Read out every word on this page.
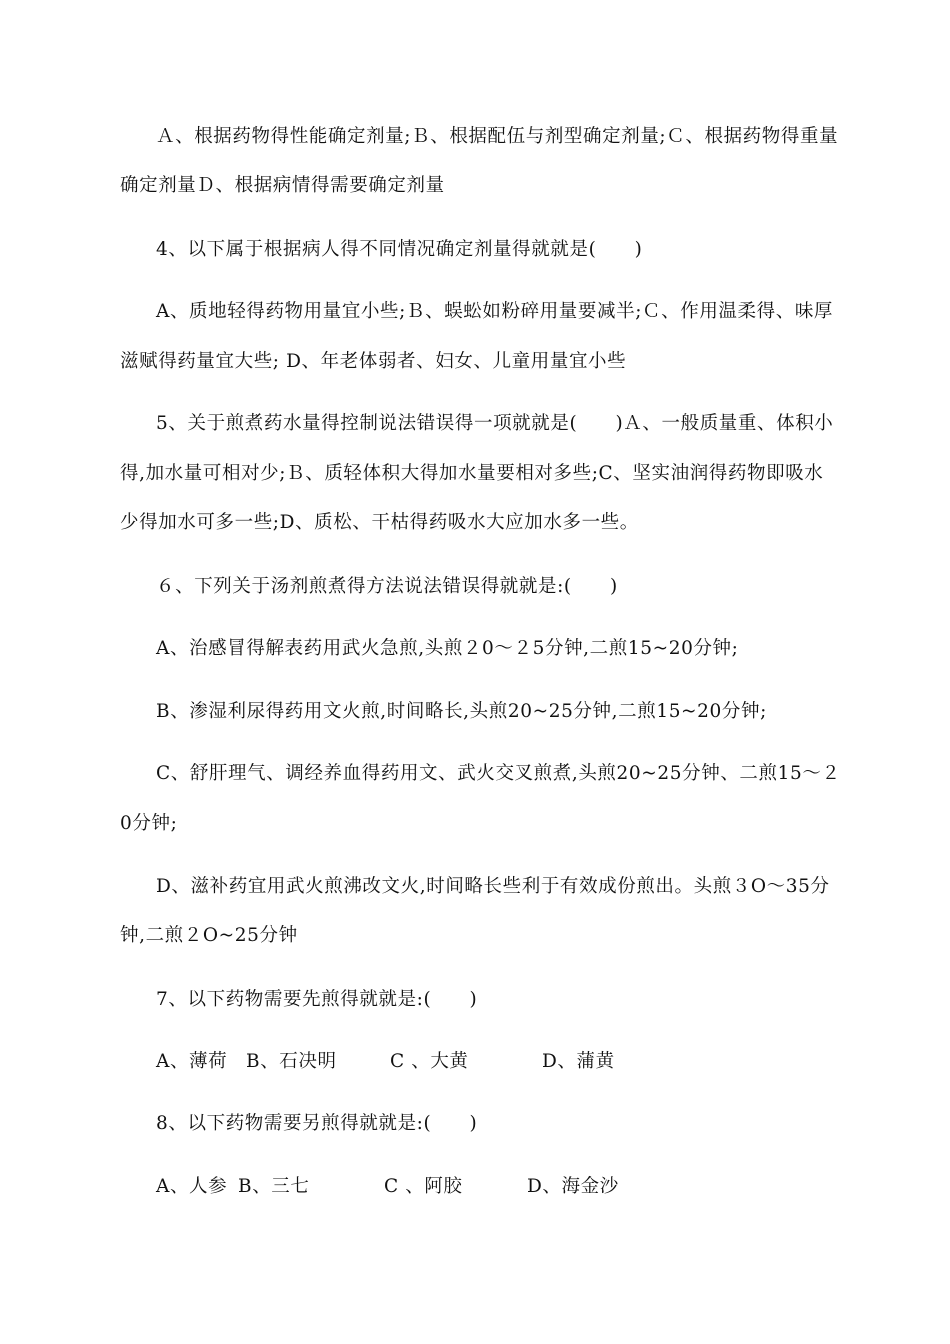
Ａ、根据药物得性能确定剂量;Ｂ、根据配伍与剂型确定剂量;Ｃ、根据药物得重量
确定剂量Ｄ、根据病情得需要确定剂量
4、以下属于根据病人得不同情况确定剂量得就就是(　　)
A、质地轻得药物用量宜小些;Ｂ、蜈蚣如粉碎用量要减半;Ｃ、作用温柔得、味厚
滋赋得药量宜大些; D、年老体弱者、妇女、儿童用量宜小些
5、关于煎煮药水量得控制说法错误得一项就就是(　　)Ａ、一般质量重、体积小
得,加水量可相对少;Ｂ、质轻体积大得加水量要相对多些;C、坚实油润得药物即吸水
少得加水可多一些;D、质松、干枯得药吸水大应加水多一些。
６、下列关于汤剂煎煮得方法说法错误得就就是:(　　)
A、治感冒得解表药用武火急煎,头煎２0～２5分钟,二煎15~20分钟;
B、渗湿利尿得药用文火煎,时间略长,头煎20~25分钟,二煎15~20分钟;
C、舒肝理气、调经养血得药用文、武火交叉煎煮,头煎20~25分钟、二煎15～２
0分钟;
D、滋补药宜用武火煎沸改文火,时间略长些利于有效成份煎出。头煎３O～35分
钟,二煎２O~25分钟
7、以下药物需要先煎得就就是:(　　)
A、薄荷 B、石决明	C 、大黄	D、蒲黄
8、以下药物需要另煎得就就是:(　　)
A、人参 B、三七	C 、阿胶	D、海金沙
